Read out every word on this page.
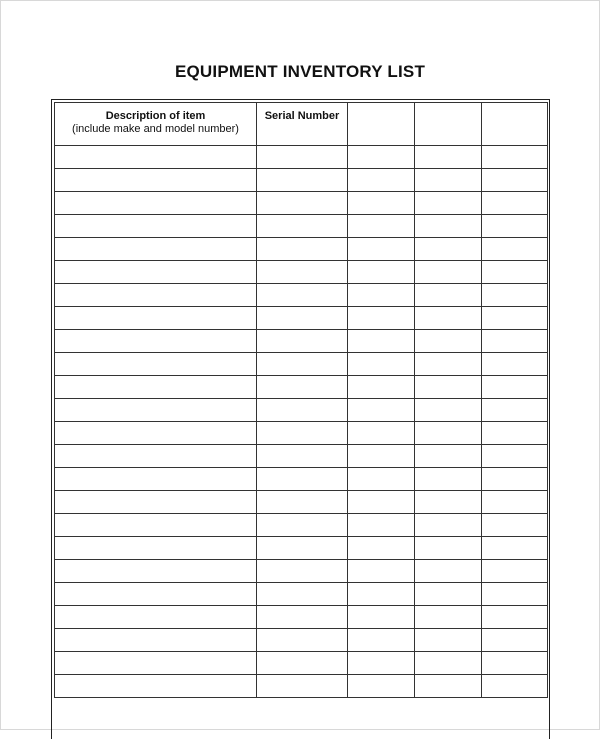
EQUIPMENT INVENTORY LIST
Description of item
(include make and model number)	Serial Number			
